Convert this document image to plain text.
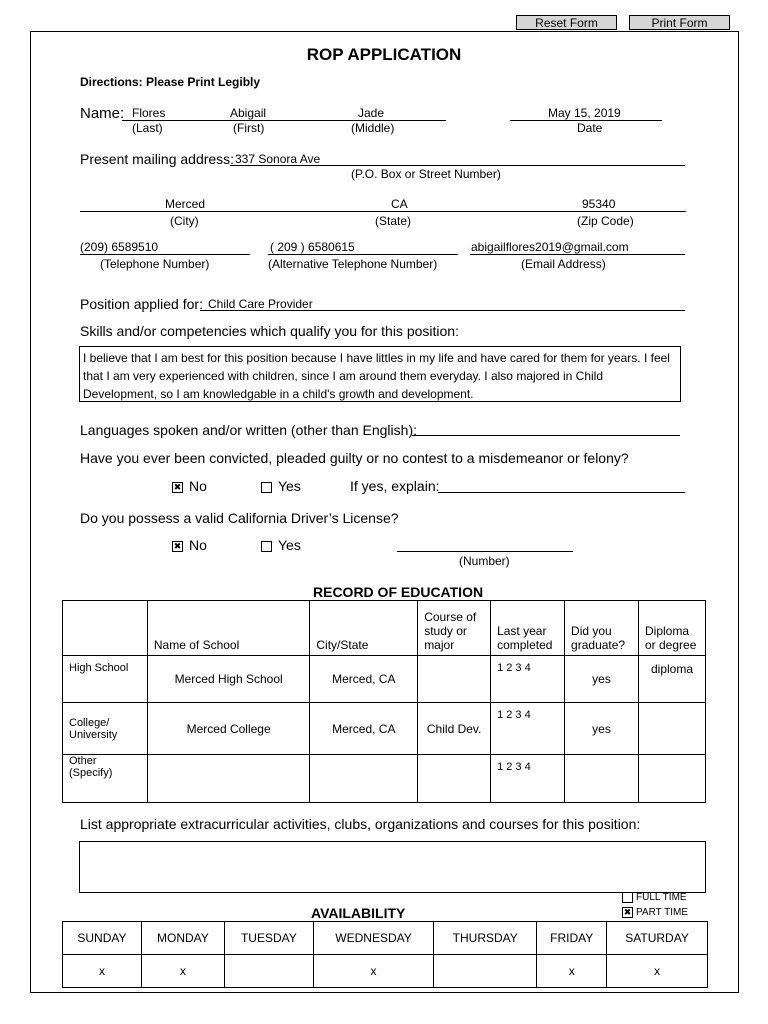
Reset Form	Print Form
ROP APPLICATION
Directions: Please Print Legibly
Name: Flores	Abigail	Jade	May 15, 2019
(Last)	(First)	(Middle)	Date
Present mailing address: 337 Sonora Ave
(P.O. Box or Street Number)
Merced	CA	95340
(City)	(State)	(Zip Code)
(209) 6589510	( 209 ) 6580615	abigailflores2019@gmail.com
(Telephone Number)	(Alternative Telephone Number)	(Email Address)
Position applied for: Child Care Provider
Skills and/or competencies which qualify you for this position:
I believe that I am best for this position because I have littles in my life and have cared for them for years. I feel that I am very experienced with children, since I am around them everyday. I also majored in Child Development, so I am knowledgable in a child's growth and development.
Languages spoken and/or written (other than English):
Have you ever been convicted, pleaded guilty or no contest to a misdemeanor or felony?
✖ No	Yes	If yes, explain:
Do you possess a valid California Driver’s License?
✖ No	Yes
(Number)
RECORD OF EDUCATION
	Name of School	City/State	Course of study or major	Last year completed	Did you graduate?	Diploma or degree
High School	Merced High School	Merced, CA		1 2 3 4	yes	diploma
College/ University	Merced College	Merced, CA	Child Dev.	1 2 3 4	yes	
Other (Specify)				1 2 3 4		
List appropriate extracurricular activities, clubs, organizations and courses for this position:
AVAILABILITY
FULL TIME
✖ PART TIME
SUNDAY	MONDAY	TUESDAY	WEDNESDAY	THURSDAY	FRIDAY	SATURDAY
x	x		x		x	x
